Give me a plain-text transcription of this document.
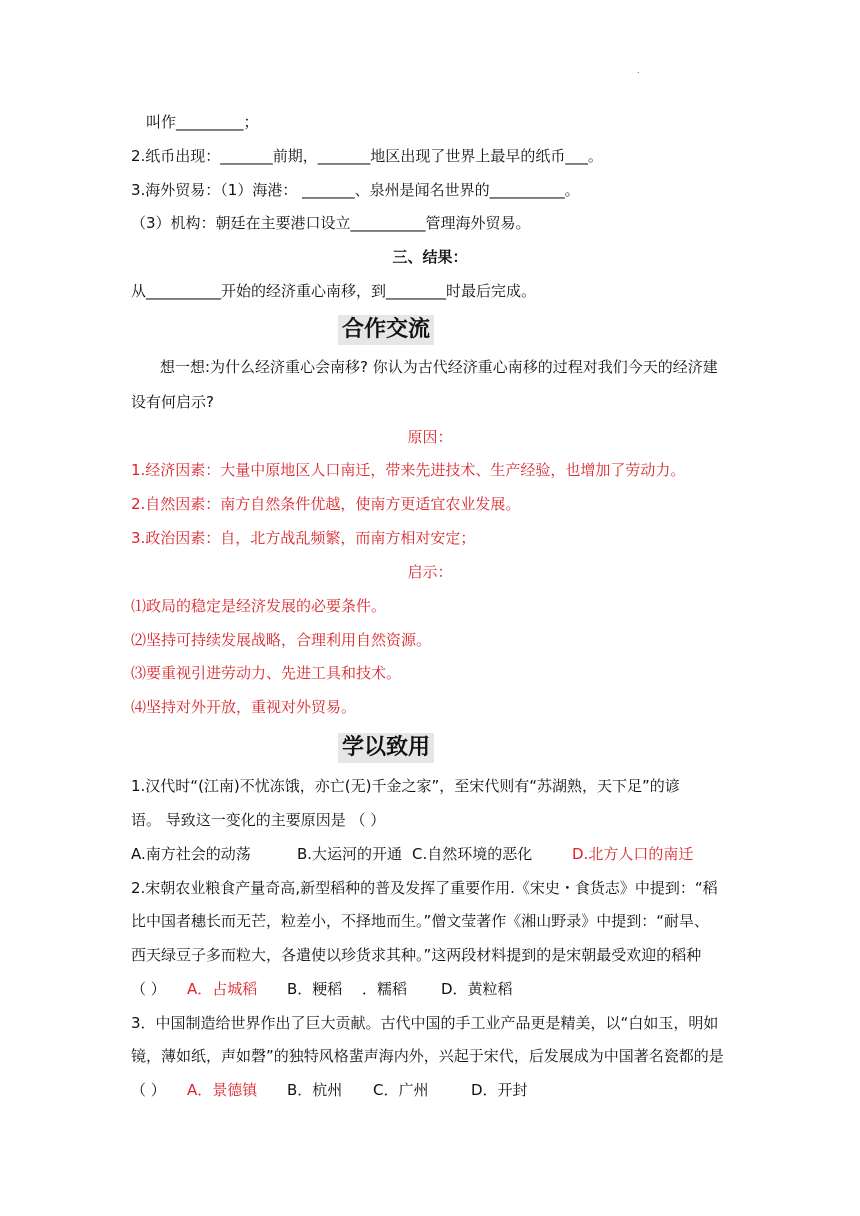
.
叫作_________；
2.纸币出现：_______前期，_______地区出现了世界上最早的纸币___。
3.海外贸易：（1）海港： _______、泉州是闻名世界的__________。
（3）机构：朝廷在主要港口设立__________管理海外贸易。
三、结果：
从__________开始的经济重心南移，到________时最后完成。
合作交流
想一想:为什么经济重心会南移? 你认为古代经济重心南移的过程对我们今天的经济建
设有何启示?
原因：
1.经济因素：大量中原地区人口南迁，带来先进技术、生产经验，也增加了劳动力。
2.自然因素：南方自然条件优越，使南方更适宜农业发展。
3.政治因素：自，北方战乱频繁，而南方相对安定；
启示：
⑴政局的稳定是经济发展的必要条件。
⑵坚持可持续发展战略，合理利用自然资源。
⑶要重视引进劳动力、先进工具和技术。
⑷坚持对外开放，重视对外贸易。
学以致用
1.汉代时“(江南)不忧冻饿，亦亡(无)千金之家”，至宋代则有“苏湖熟，天下足”的谚
语。 导致这一变化的主要原因是 （ ）
A.南方社会的动荡	B.大运河的开通 C.自然环境的恶化	D.北方人口的南迁
2.宋朝农业粮食产量奇高,新型稻种的普及发挥了重要作用.《宋史・食货志》中提到：“稻
比中国者穗长而无芒，粒差小，不择地而生。”僧文莹著作《湘山野录》中提到：“耐旱、
西天绿豆子多而粒大，各遣使以珍货求其种。”这两段材料提到的是宋朝最受欢迎的稻种
（ ） A．占城稻 B．粳稻 ．糯稻 D．黄粒稻
3．中国制造给世界作出了巨大贡献。古代中国的手工业产品更是精美，以“白如玉，明如
镜，薄如纸，声如磬”的独特风格蜚声海内外，兴起于宋代，后发展成为中国著名瓷都的是
（ ） A．景德镇 B．杭州 C．广州	D．开封
